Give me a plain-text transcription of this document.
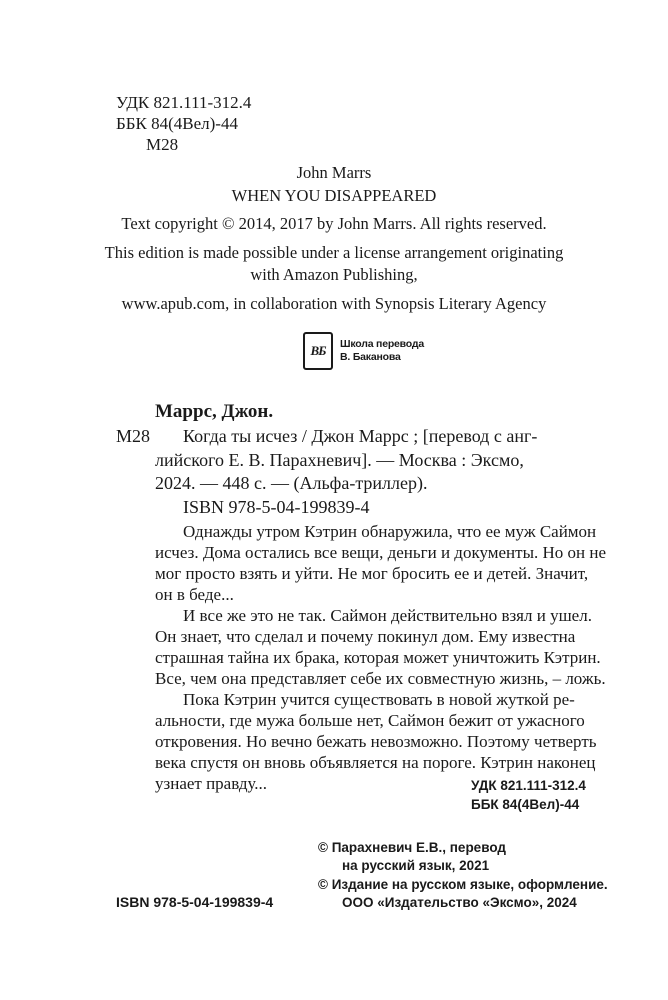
УДК 821.111-312.4
ББК 84(4Вел)-44
М28
John Marrs
WHEN YOU DISAPPEARED
Text copyright © 2014, 2017 by John Marrs. All rights reserved.
This edition is made possible under a license arrangement originating
with Amazon Publishing,
www.apub.com, in collaboration with Synopsis Literary Agency
ВБ Школа перевода
В. Баканова
Маррс, Джон.
М28 Когда ты исчез / Джон Маррс ; [перевод с анг-
лийского Е. В. Парахневич]. — Москва : Эксмо,
2024. — 448 с. — (Альфа-триллер).
ISBN 978-5-04-199839-4
Однажды утром Кэтрин обнаружила, что ее муж Саймон
исчез. Дома остались все вещи, деньги и документы. Но он не
мог просто взять и уйти. Не мог бросить ее и детей. Значит,
он в беде...
И все же это не так. Саймон действительно взял и ушел.
Он знает, что сделал и почему покинул дом. Ему известна
страшная тайна их брака, которая может уничтожить Кэтрин.
Все, чем она представляет себе их совместную жизнь, – ложь.
Пока Кэтрин учится существовать в новой жуткой ре-
альности, где мужа больше нет, Саймон бежит от ужасного
откровения. Но вечно бежать невозможно. Поэтому четверть
века спустя он вновь объявляется на пороге. Кэтрин наконец
узнает правду...	УДК 821.111-312.4
ББК 84(4Вел)-44
© Парахневич Е.В., перевод
на русский язык, 2021
© Издание на русском языке, оформление.
ООО «Издательство «Эксмо», 2024
ISBN 978-5-04-199839-4
